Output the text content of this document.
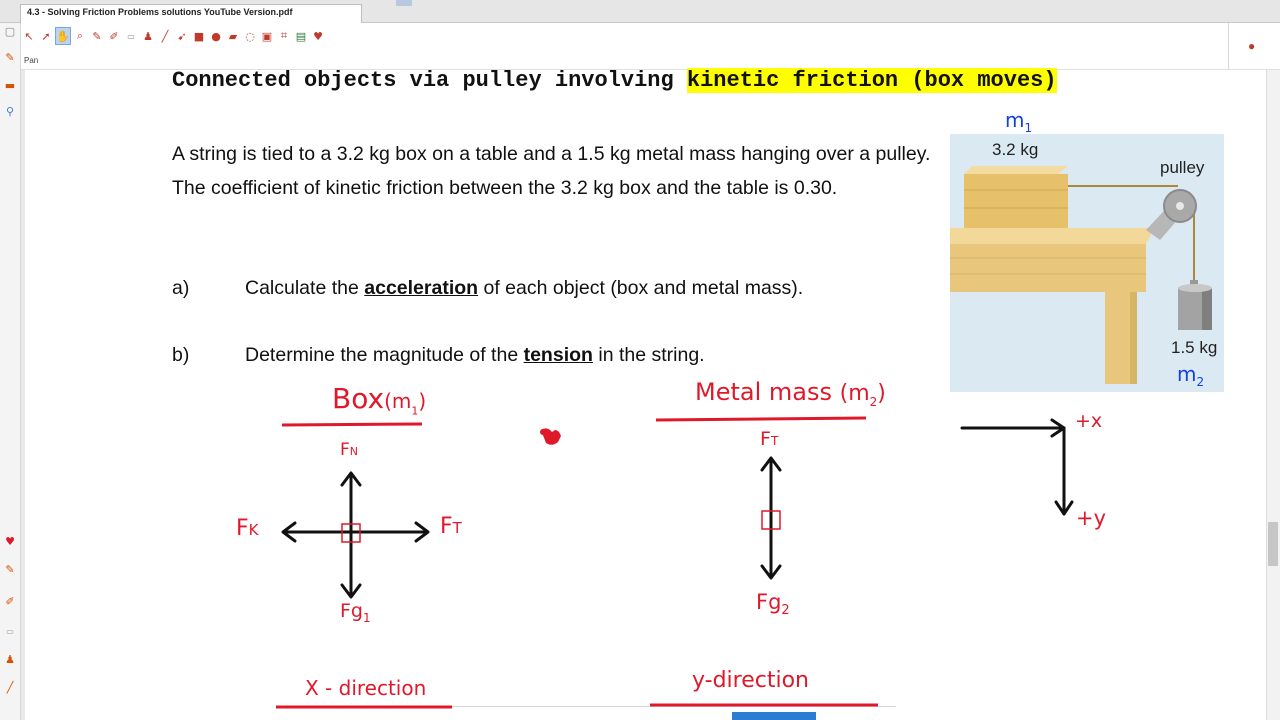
4.3 - Solving Friction Problems solutions YouTube Version.pdf
↖ ➚ ✋ ⌕ ✎ ✐	▭ ♟ ╱ ➹ ■ ● ▰ ◌ ▣ ⌗ ▤ ♥
Pan
●
▢
✎
▬
⚲
♥
✎
✐
▭
♟
╱
Connected objects via pulley involving kinetic friction (box moves)
A string is tied to a 3.2 kg box on a table and a 1.5 kg metal mass hanging over a pulley. The coefficient of kinetic friction between the 3.2 kg box and the table is 0.30.
a)	Calculate the acceleration of each object (box and metal mass).
b)	Determine the magnitude of the tension in the string.
3.2 kg
pulley
1.5 kg
$m_1$
$m_2$
$Box(m_1)$	Metal mass $(m_2)$
FN
FK	FT
$Fg_1$
FT
$Fg_2$
+x
+y
X - direction	y-direction
